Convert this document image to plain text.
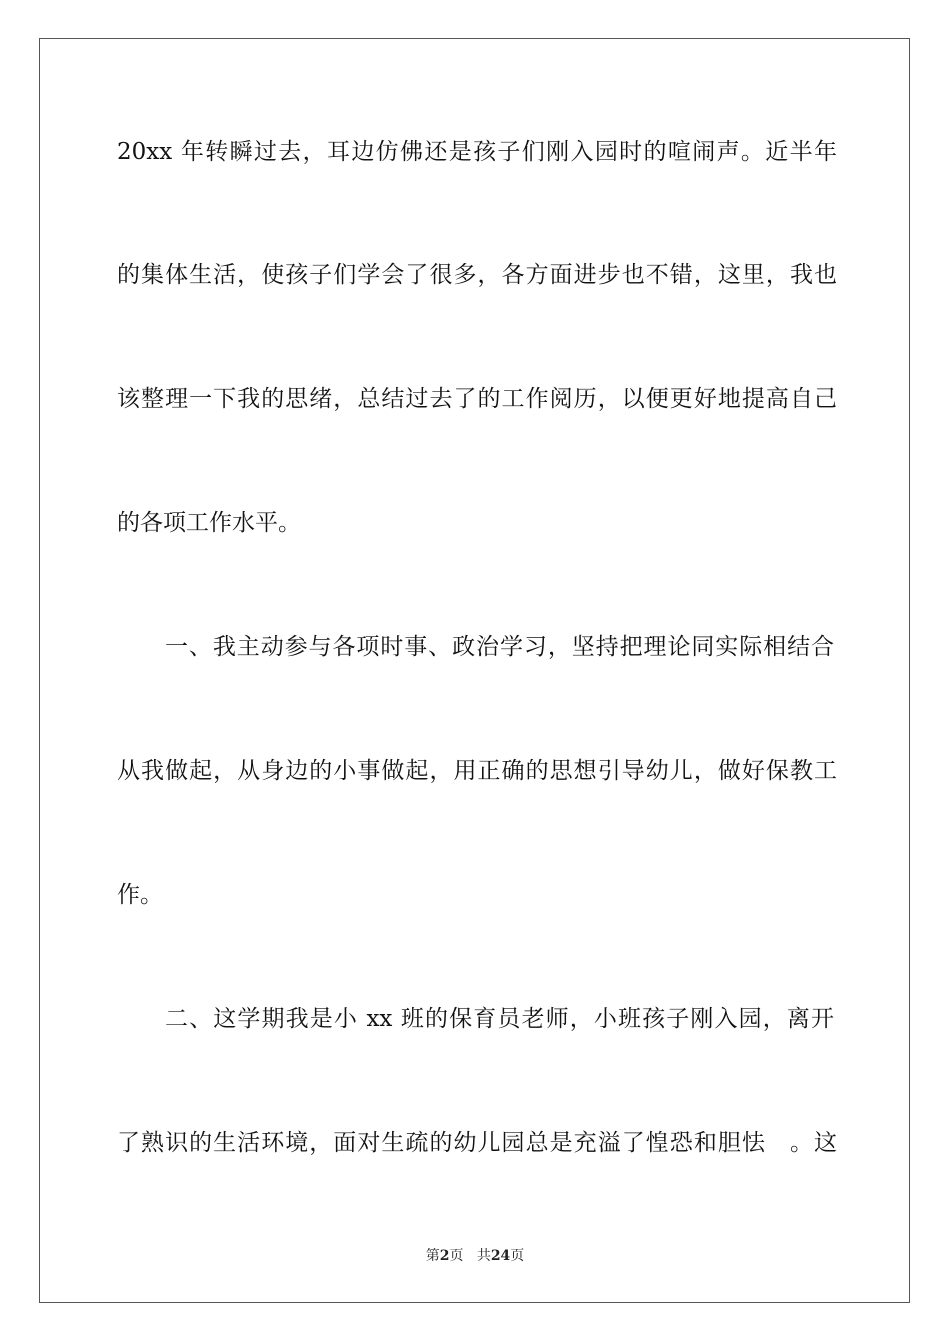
20xx 年转瞬过去，耳边仿佛还是孩子们刚入园时的喧闹声。近半年
的集体生活，使孩子们学会了很多，各方面进步也不错，这里，我也
该整理一下我的思绪，总结过去了的工作阅历，以便更好地提高自己
的各项工作水平。
一、我主动参与各项时事、政治学习，坚持把理论同实际相结合
从我做起，从身边的小事做起，用正确的思想引导幼儿，做好保教工
作。
二、这学期我是小 xx 班的保育员老师，小班孩子刚入园，离开
了熟识的生活环境，面对生疏的幼儿园总是充溢了惶恐和胆怯　。这
第2页 共24页
